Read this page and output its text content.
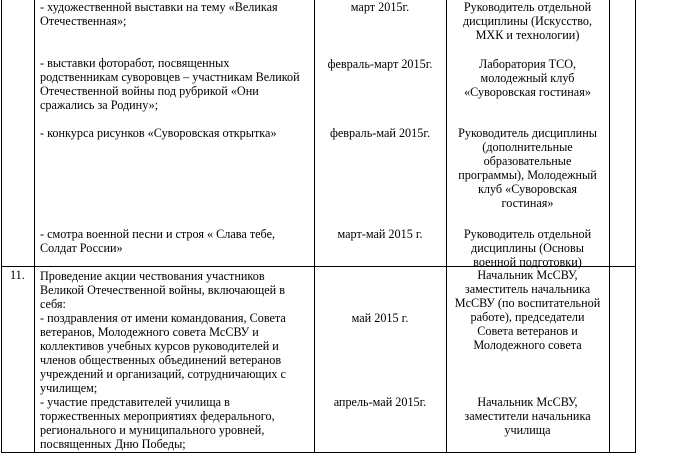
- художественной выставки на тему «Великая
Отечественная»;

- выставки фоторабот, посвященных
родственникам суворовцев – участникам Великой
Отечественной войны под рубрикой «Они
сражались за Родину»;

- конкурса рисунков «Суворовская открытка»

- смотра военной песни и строя « Слава тебе,
Солдат России»

март 2015г.

февраль-март 2015г.

февраль-май 2015г.

март-май 2015 г.

Руководитель отдельной
дисциплины (Искусство,
МХК и технологии)

Лаборатория ТСО,
молодежный клуб
«Суворовская гостиная»

Руководитель дисциплины
(дополнительные
образовательные
программы), Молодежный
клуб «Суворовская
гостиная»

Руководитель отдельной
дисциплины (Основы
военной подготовки)

11. Проведение акции чествования участников
Великой Отечественной войны, включающей в
себя:

- поздравления от имени командования, Совета
ветеранов, Молодежного совета МсСВУ и
коллективов учебных курсов руководителей и
членов общественных объединений ветеранов
учреждений и организаций, сотрудничающих с
училищем;

- участие представителей училища в
торжественных мероприятиях федерального,
регионального и муниципального уровней,
посвященных Дню Победы;

май 2015 г.

апрель-май 2015г.

Начальник МсСВУ,
заместитель начальника
МсСВУ (по воспитательной
работе), председатели
Совета ветеранов и
Молодежного совета

Начальник МсСВУ,
заместители начальника
училища
